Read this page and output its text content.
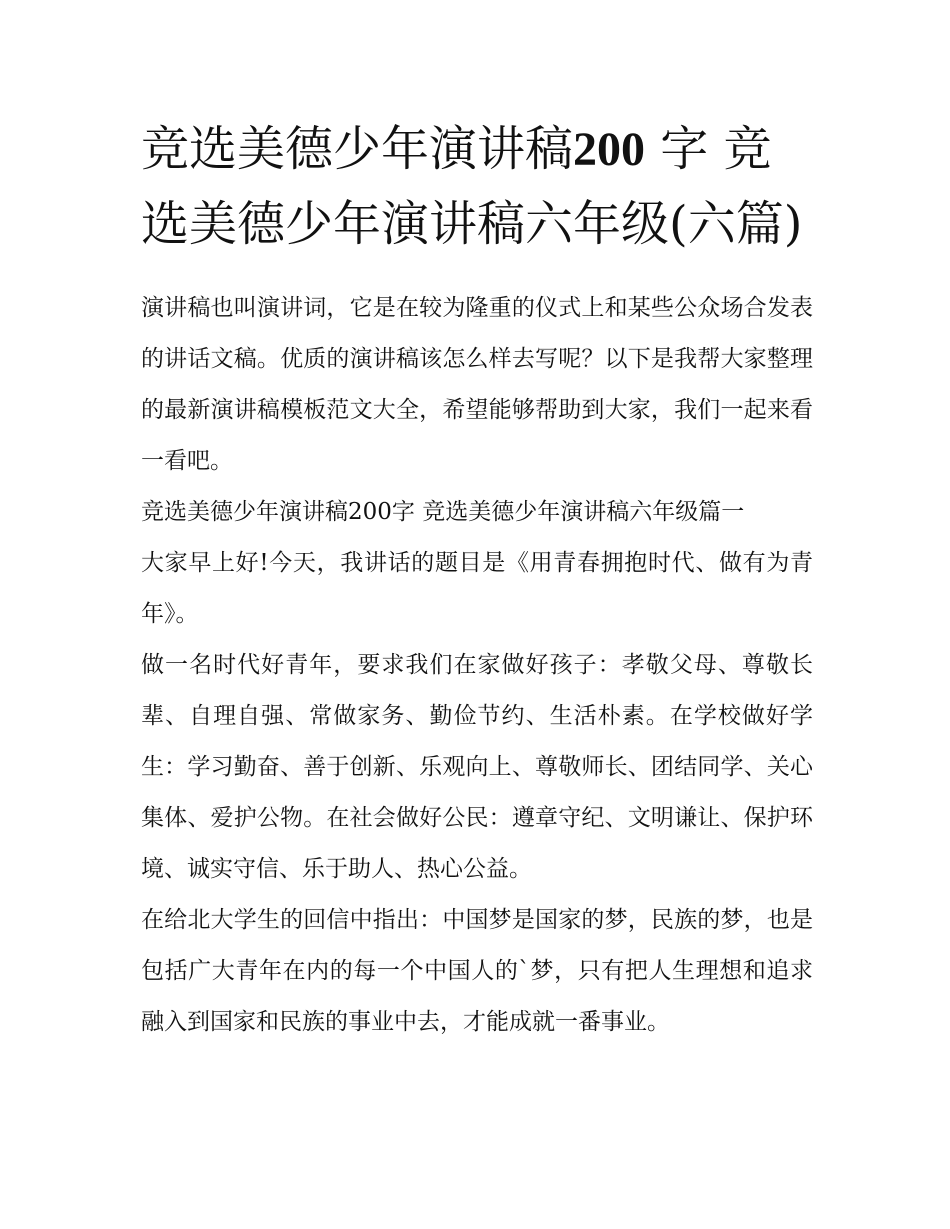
竞选美德少年演讲稿200 字 竞选美德少年演讲稿六年级(六篇)

演讲稿也叫演讲词，它是在较为隆重的仪式上和某些公众场合发表的讲话文稿。优质的演讲稿该怎么样去写呢？以下是我帮大家整理的最新演讲稿模板范文大全，希望能够帮助到大家，我们一起来看一看吧。

竞选美德少年演讲稿200字 竞选美德少年演讲稿六年级篇一

大家早上好!今天，我讲话的题目是《用青春拥抱时代、做有为青年》。

做一名时代好青年，要求我们在家做好孩子：孝敬父母、尊敬长辈、自理自强、常做家务、勤俭节约、生活朴素。在学校做好学生：学习勤奋、善于创新、乐观向上、尊敬师长、团结同学、关心集体、爱护公物。在社会做好公民：遵章守纪、文明谦让、保护环境、诚实守信、乐于助人、热心公益。

在给北大学生的回信中指出：中国梦是国家的梦，民族的梦，也是包括广大青年在内的每一个中国人的`梦，只有把人生理想和追求融入到国家和民族的事业中去，才能成就一番事业。
